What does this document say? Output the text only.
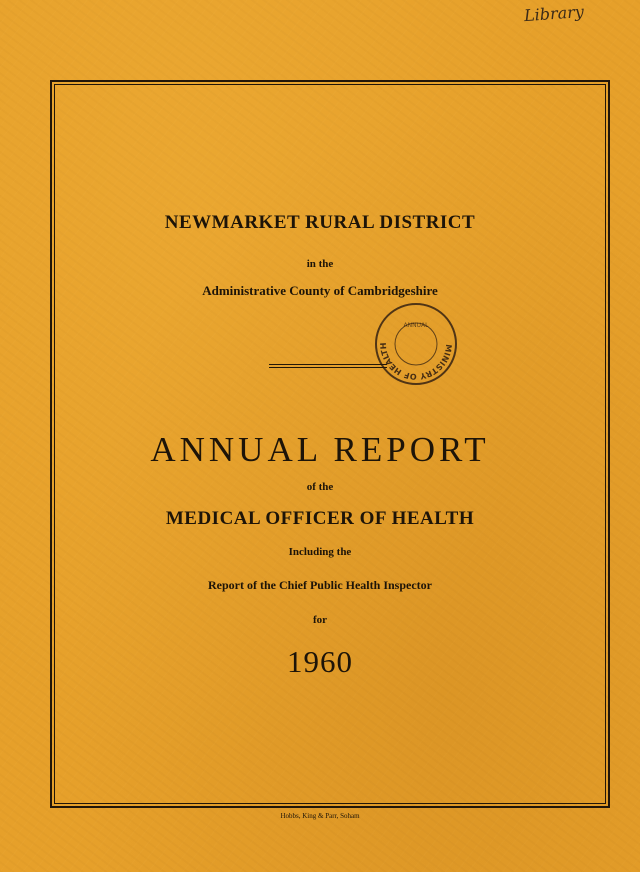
Library
NEWMARKET RURAL DISTRICT
in the
Administrative County of Cambridgeshire
MINISTRY OF HEALTH
ANNUAL
ANNUAL REPORT
of the
MEDICAL OFFICER OF HEALTH
Including the
Report of the Chief Public Health Inspector
for
1960
Hobbs, King & Parr, Soham
